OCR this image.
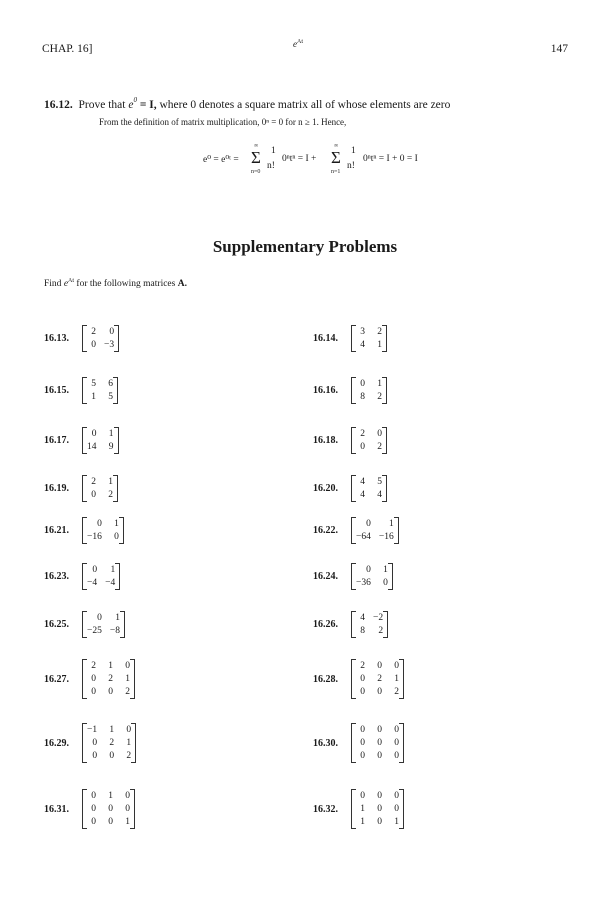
CHAP. 16]	$e^{At}$
147
16.12. Prove that $e^0 = I$, where 0 denotes a square matrix all of whose elements are zero
From the definition of matrix multiplication, 0ⁿ = 0 for n ≥ 1. Hence,
e⁰ = e⁰ᵗ =
∞
Σ
n=0
1
n!
0ⁿtⁿ = I +
∞
Σ
n=1
1
n!
0ⁿtⁿ = I + 0 = I
Supplementary Problems
Find $e^{At}$ for the following matrices A.
16.13.
2	0
0 −3
16.14.
3	2
4	1
16.15.
5	6
1	5
16.16.
0	1
8	2
16.17.
0	1
14	9
16.18.
2	0
0	2
16.19.
2	1
0	2
16.20.
4	5
4	4
16.21.
0	1
−16	0
16.22.
0	1
−64 −16
16.23.
0	1
−4 −4
16.24.
0	1
−36	0
16.25.
0	1
−25 −8
16.26.
4 −2
8	2
16.27.
2	1	0
0	2	1
0	0	2
16.28.
2	0	0
0	2	1
0	0	2
16.29.
−1	1	0
0	2	1
0	0	2
16.30.
0	0	0
0	0	0
0	0	0
16.31.
0	1	0
0	0	0
0	0	1
16.32.
0	0	0
1	0	0
1	0	1
